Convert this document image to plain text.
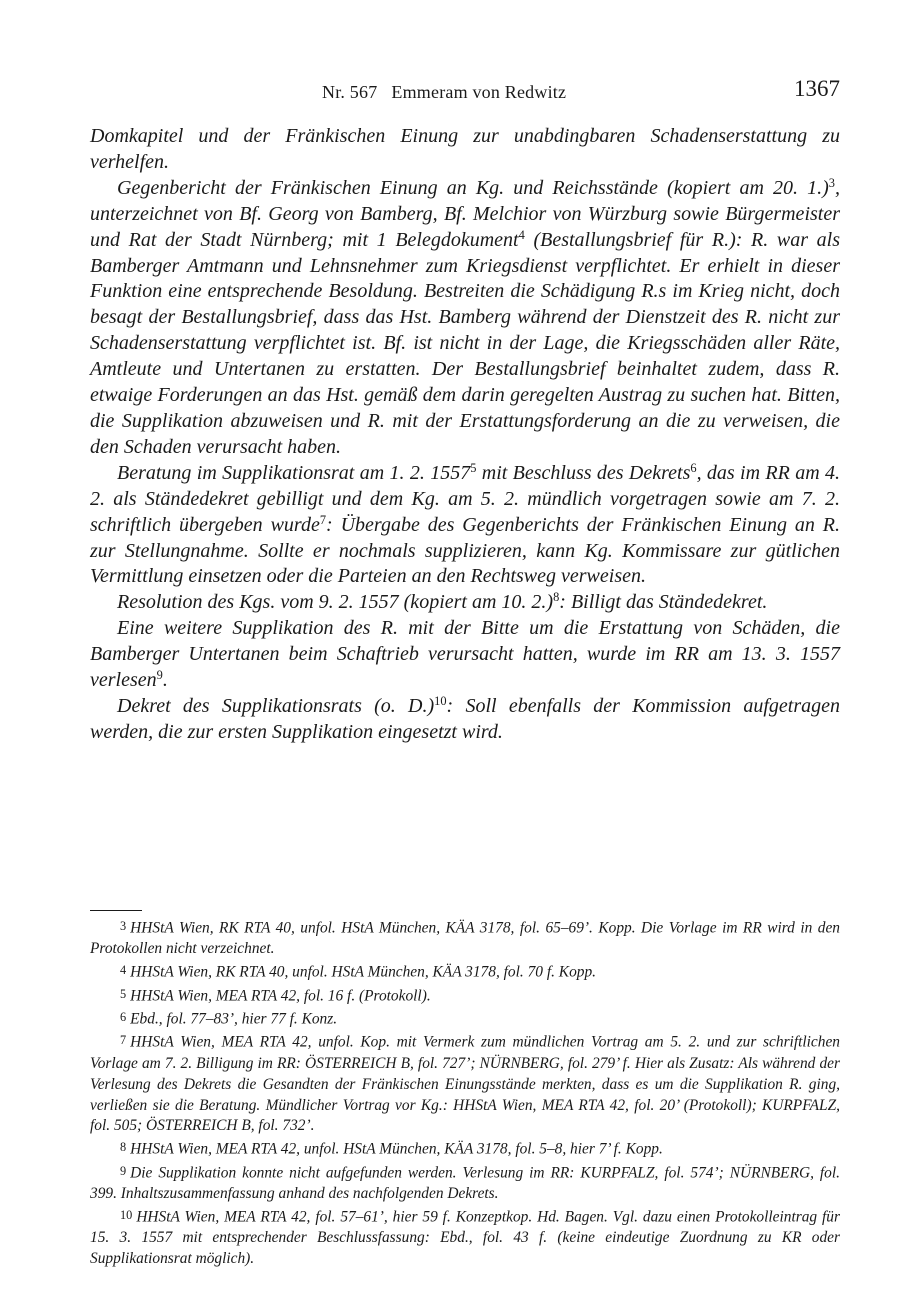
Nr. 567 Emmeram von Redwitz	1367

Domkapitel und der Fränkischen Einung zur unabdingbaren Schadenserstattung zu verhelfen.

Gegenbericht der Fränkischen Einung an Kg. und Reichsstände (kopiert am 20. 1.)$^3$, unterzeichnet von Bf. Georg von Bamberg, Bf. Melchior von Würzburg sowie Bürgermeister und Rat der Stadt Nürnberg; mit 1 Belegdokument$^4$ (Bestallungsbrief für R.): R. war als Bamberger Amtmann und Lehnsnehmer zum Kriegsdienst verpflichtet. Er erhielt in dieser Funktion eine entsprechende Besoldung. Bestreiten die Schädigung R.s im Krieg nicht, doch besagt der Bestallungsbrief, dass das Hst. Bamberg während der Dienstzeit des R. nicht zur Schadenserstattung verpflichtet ist. Bf. ist nicht in der Lage, die Kriegsschäden aller Räte, Amtleute und Untertanen zu erstatten. Der Bestallungsbrief beinhaltet zudem, dass R. etwaige Forderungen an das Hst. gemäß dem darin geregelten Austrag zu suchen hat. Bitten, die Supplikation abzuweisen und R. mit der Erstattungsforderung an die zu verweisen, die den Schaden verursacht haben.

Beratung im Supplikationsrat am 1. 2. 1557$^5$ mit Beschluss des Dekrets$^6$, das im RR am 4. 2. als Ständedekret gebilligt und dem Kg. am 5. 2. mündlich vorgetragen sowie am 7. 2. schriftlich übergeben wurde$^7$: Übergabe des Gegenberichts der Fränkischen Einung an R. zur Stellungnahme. Sollte er nochmals supplizieren, kann Kg. Kommissare zur gütlichen Vermittlung einsetzen oder die Parteien an den Rechtsweg verweisen.

Resolution des Kgs. vom 9. 2. 1557 (kopiert am 10. 2.)$^8$: Billigt das Ständedekret.

Eine weitere Supplikation des R. mit der Bitte um die Erstattung von Schäden, die Bamberger Untertanen beim Schaftrieb verursacht hatten, wurde im RR am 13. 3. 1557 verlesen$^9$.

Dekret des Supplikationsrats (o. D.)$^{10}$: Soll ebenfalls der Kommission aufgetragen werden, die zur ersten Supplikation eingesetzt wird.

3 HHStA Wien, RK RTA 40, unfol. HStA München, KÄA 3178, fol. 65–69’. Kopp. Die Vorlage im RR wird in den Protokollen nicht verzeichnet.

4 HHStA Wien, RK RTA 40, unfol. HStA München, KÄA 3178, fol. 70 f. Kopp.

5 HHStA Wien, MEA RTA 42, fol. 16 f. (Protokoll).

6 Ebd., fol. 77–83’, hier 77 f. Konz.

7 HHStA Wien, MEA RTA 42, unfol. Kop. mit Vermerk zum mündlichen Vortrag am 5. 2. und zur schriftlichen Vorlage am 7. 2. Billigung im RR: ÖSTERREICH B, fol. 727’; NÜRNBERG, fol. 279’ f. Hier als Zusatz: Als während der Verlesung des Dekrets die Gesandten der Fränkischen Einungsstände merkten, dass es um die Supplikation R. ging, verließen sie die Beratung. Mündlicher Vortrag vor Kg.: HHStA Wien, MEA RTA 42, fol. 20’ (Protokoll); KURPFALZ, fol. 505; ÖSTERREICH B, fol. 732’.

8 HHStA Wien, MEA RTA 42, unfol. HStA München, KÄA 3178, fol. 5–8, hier 7’ f. Kopp.

9 Die Supplikation konnte nicht aufgefunden werden. Verlesung im RR: KURPFALZ, fol. 574’; NÜRNBERG, fol. 399. Inhaltszusammenfassung anhand des nachfolgenden Dekrets.

10 HHStA Wien, MEA RTA 42, fol. 57–61’, hier 59 f. Konzeptkop. Hd. Bagen. Vgl. dazu einen Protokolleintrag für 15. 3. 1557 mit entsprechender Beschlussfassung: Ebd., fol. 43 f. (keine eindeutige Zuordnung zu KR oder Supplikationsrat möglich).
